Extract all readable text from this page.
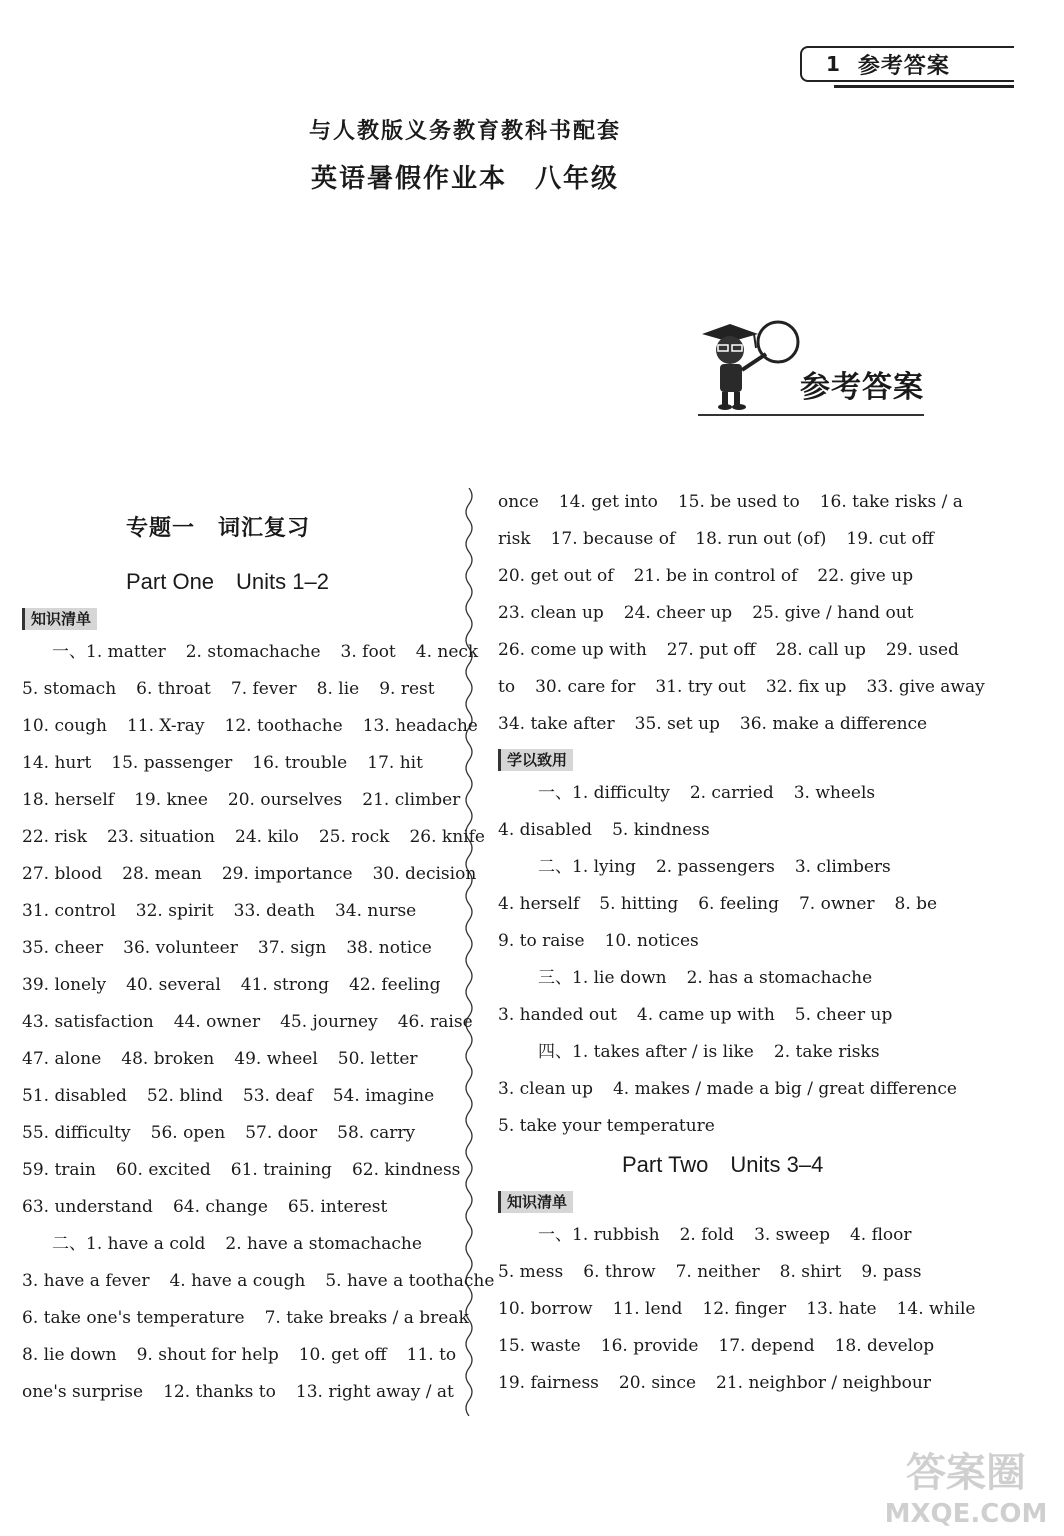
1 参考答案
与人教版义务教育教科书配套
英语暑假作业本　八年级
参考答案
专题一　词汇复习
Part One　Units 1–2
知识清单
一、1. matter 2. stomachache 3. foot 4. neck
5. stomach 6. throat 7. fever 8. lie 9. rest
10. cough 11. X-ray 12. toothache 13. headache
14. hurt 15. passenger 16. trouble 17. hit
18. herself 19. knee 20. ourselves 21. climber
22. risk 23. situation 24. kilo 25. rock 26. knife
27. blood 28. mean 29. importance 30. decision
31. control 32. spirit 33. death 34. nurse
35. cheer 36. volunteer 37. sign 38. notice
39. lonely 40. several 41. strong 42. feeling
43. satisfaction 44. owner 45. journey 46. raise
47. alone 48. broken 49. wheel 50. letter
51. disabled 52. blind 53. deaf 54. imagine
55. difficulty 56. open 57. door 58. carry
59. train 60. excited 61. training 62. kindness
63. understand 64. change 65. interest
二、1. have a cold 2. have a stomachache
3. have a fever 4. have a cough 5. have a toothache
6. take one's temperature 7. take breaks / a break
8. lie down 9. shout for help 10. get off 11. to
one's surprise 12. thanks to 13. right away / at
once 14. get into 15. be used to 16. take risks / a
risk 17. because of 18. run out (of) 19. cut off
20. get out of 21. be in control of 22. give up
23. clean up 24. cheer up 25. give / hand out
26. come up with 27. put off 28. call up 29. used
to 30. care for 31. try out 32. fix up 33. give away
34. take after 35. set up 36. make a difference
学以致用
一、1. difficulty 2. carried 3. wheels
4. disabled 5. kindness
二、1. lying 2. passengers 3. climbers
4. herself 5. hitting 6. feeling 7. owner 8. be
9. to raise 10. notices
三、1. lie down 2. has a stomachache
3. handed out 4. came up with 5. cheer up
四、1. takes after / is like 2. take risks
3. clean up 4. makes / made a big / great difference
5. take your temperature
Part Two　Units 3–4
知识清单
一、1. rubbish 2. fold 3. sweep 4. floor
5. mess 6. throw 7. neither 8. shirt 9. pass
10. borrow 11. lend 12. finger 13. hate 14. while
15. waste 16. provide 17. depend 18. develop
19. fairness 20. since 21. neighbor / neighbour
答案圈
MXQE.COM
